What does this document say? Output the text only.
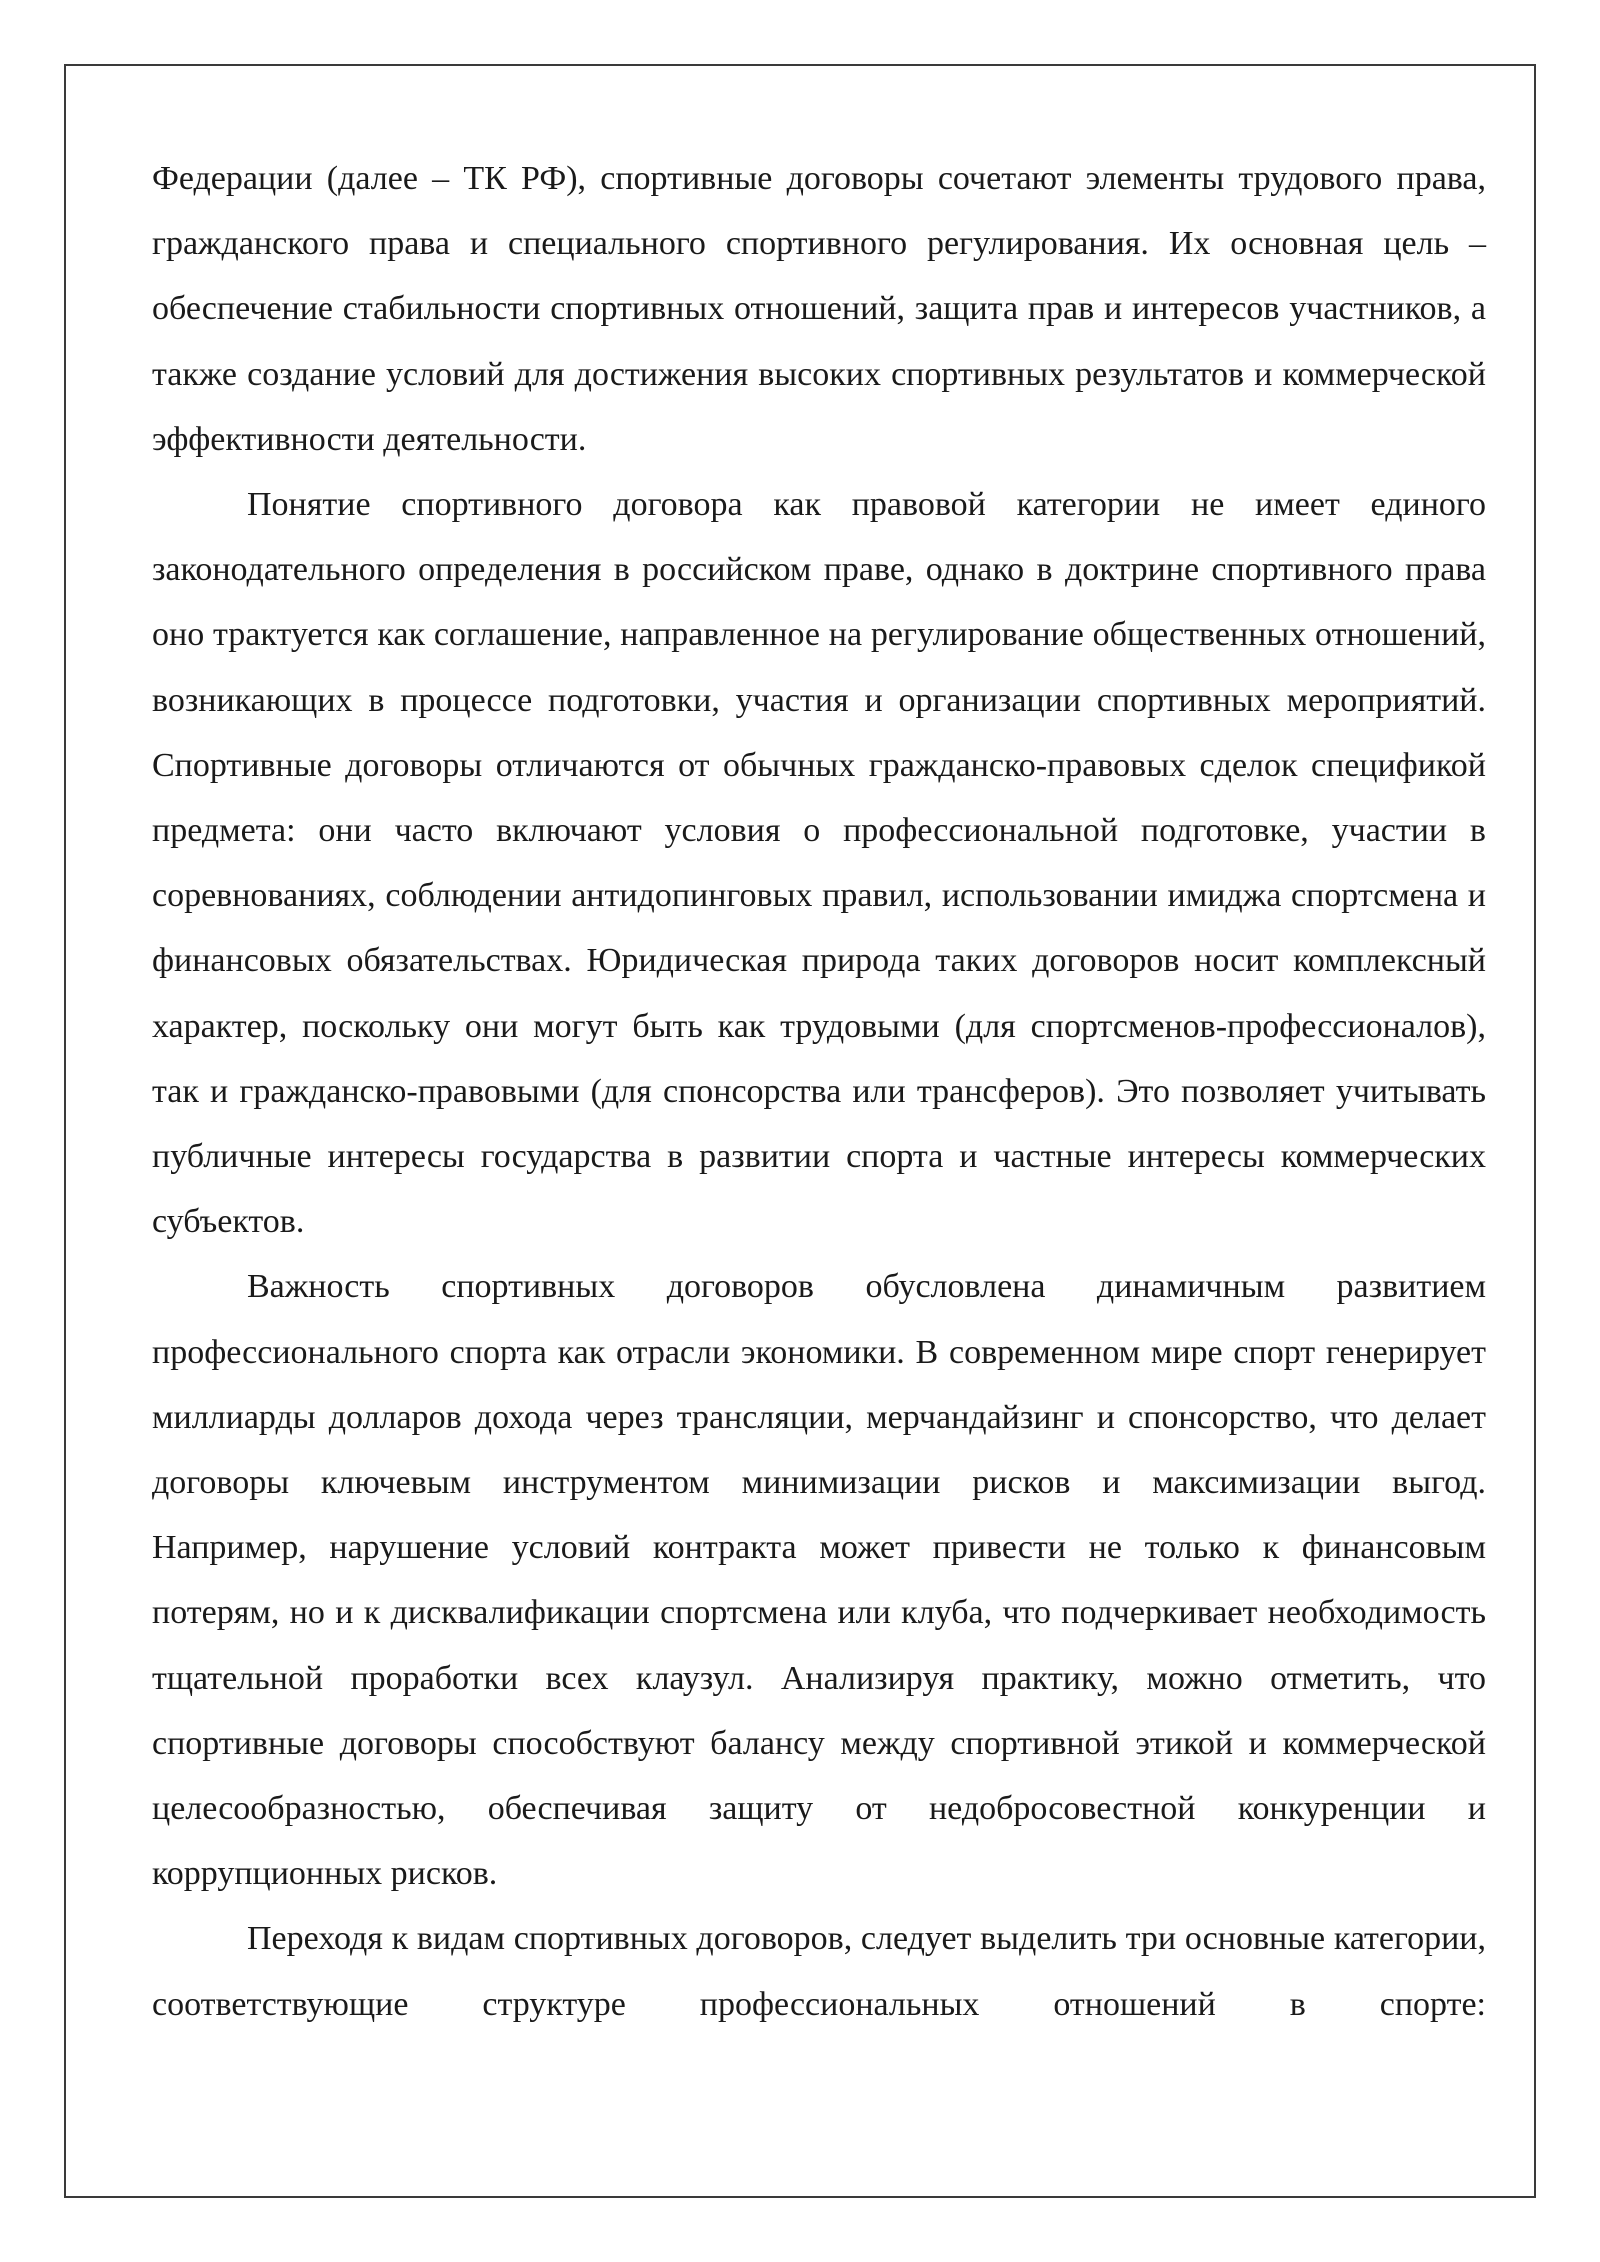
Федерации (далее – ТК РФ), спортивные договоры сочетают элементы трудового права, гражданского права и специального спортивного регулирования. Их основная цель – обеспечение стабильности спортивных отношений, защита прав и интересов участников, а также создание условий для достижения высоких спортивных результатов и коммерческой эффективности деятельности.

Понятие спортивного договора как правовой категории не имеет единого законодательного определения в российском праве, однако в доктрине спортивного права оно трактуется как соглашение, направленное на регулирование общественных отношений, возникающих в процессе подготовки, участия и организации спортивных мероприятий. Спортивные договоры отличаются от обычных гражданско-правовых сделок спецификой предмета: они часто включают условия о профессиональной подготовке, участии в соревнованиях, соблюдении антидопинговых правил, использовании имиджа спортсмена и финансовых обязательствах. Юридическая природа таких договоров носит комплексный характер, поскольку они могут быть как трудовыми (для спортсменов-профессионалов), так и гражданско-правовыми (для спонсорства или трансферов). Это позволяет учитывать публичные интересы государства в развитии спорта и частные интересы коммерческих субъектов.

Важность спортивных договоров обусловлена динамичным развитием профессионального спорта как отрасли экономики. В современном мире спорт генерирует миллиарды долларов дохода через трансляции, мерчандайзинг и спонсорство, что делает договоры ключевым инструментом минимизации рисков и максимизации выгод. Например, нарушение условий контракта может привести не только к финансовым потерям, но и к дисквалификации спортсмена или клуба, что подчеркивает необходимость тщательной проработки всех клаузул. Анализируя практику, можно отметить, что спортивные договоры способствуют балансу между спортивной этикой и коммерческой целесообразностью, обеспечивая защиту от недобросовестной конкуренции и коррупционных рисков.

Переходя к видам спортивных договоров, следует выделить три основные категории, соответствующие структуре профессиональных отношений в спорте:
